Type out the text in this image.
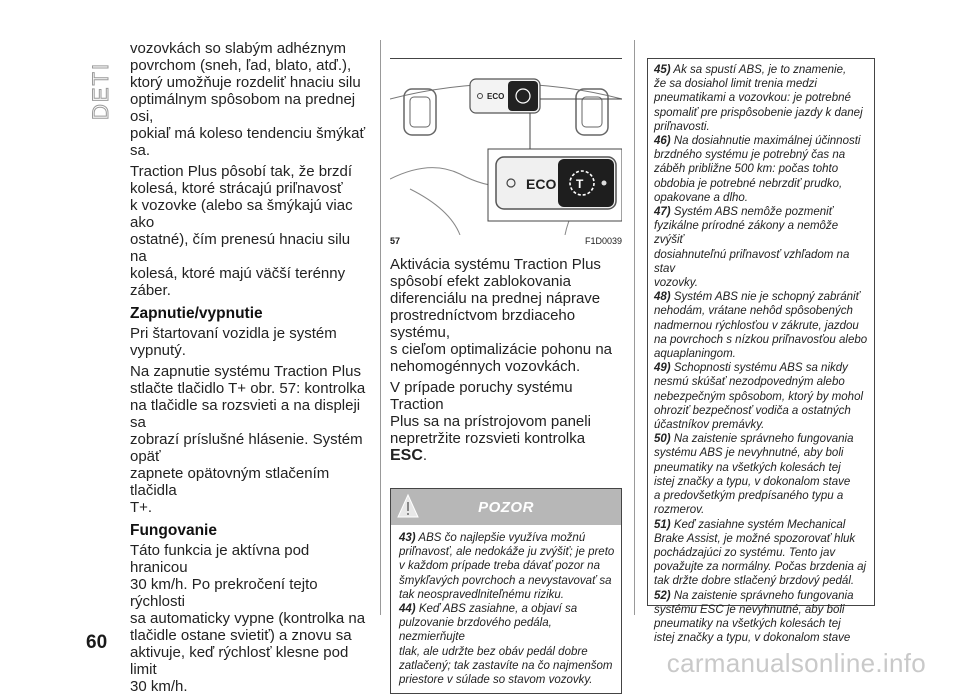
DETI

vozovkách so slabým adhéznym
povrchom (sneh, ľad, blato, atď.),
ktorý umožňuje rozdeliť hnaciu silu
optimálnym spôsobom na prednej osi,
pokiaľ má koleso tendenciu šmýkať sa.

Traction Plus pôsobí tak, že brzdí
kolesá, ktoré strácajú priľnavosť
k vozovke (alebo sa šmýkajú viac ako
ostatné), čím prenesú hnaciu silu na
kolesá, ktoré majú väčší terénny záber.

Zapnutie/vypnutie

Pri štartovaní vozidla je systém vypnutý.

Na zapnutie systému Traction Plus
stlačte tlačidlo T+ obr. 57: kontrolka
na tlačidle sa rozsvieti a na displeji sa
zobrazí príslušné hlásenie. Systém opäť
zapnete opätovným stlačením tlačidla
T+.

Fungovanie

Táto funkcia je aktívna pod hranicou
30 km/h. Po prekročení tejto rýchlosti
sa automaticky vypne (kontrolka na
tlačidle ostane svietiť) a znovu sa
aktivuje, keď rýchlosť klesne pod limit
30 km/h.

ECO
T
ECO
57	F1D0039

Aktivácia systému Traction Plus
spôsobí efekt zablokovania
diferenciálu na prednej náprave
prostredníctvom brzdiaceho systému,
s cieľom optimalizácie pohonu na
nehomogénnych vozovkách.

V prípade poruchy systému Traction
Plus sa na prístrojovom paneli
nepretržite rozsvieti kontrolka ESC.

POZOR

43) ABS čo najlepšie využíva možnú
priľnavosť, ale nedokáže ju zvýšiť; je preto
v každom prípade treba dávať pozor na
šmykľavých povrchoch a nevystavovať sa
tak neospravedlniteľnému riziku.

44) Keď ABS zasiahne, a objaví sa
pulzovanie brzdového pedála, nezmierňujte
tlak, ale udržte bez obáv pedál dobre
zatlačený; tak zastavíte na čo najmenšom
priestore v súlade so stavom vozovky.

45) Ak sa spustí ABS, je to znamenie,
že sa dosiahol limit trenia medzi
pneumatikami a vozovkou: je potrebné
spomaliť pre prispôsobenie jazdy k danej
priľnavosti.

46) Na dosiahnutie maximálnej účinnosti
brzdného systému je potrebný čas na
záběh približne 500 km: počas tohto
obdobia je potrebné nebrzdiť prudko,
opakovane a dlho.

47) Systém ABS nemôže pozmeniť
fyzikálne prírodné zákony a nemôže zvýšiť
dosiahnuteľnú priľnavosť vzhľadom na stav
vozovky.

48) Systém ABS nie je schopný zabrániť
nehodám, vrátane nehôd spôsobených
nadmernou rýchlosťou v zákrute, jazdou
na povrchoch s nízkou priľnavosťou alebo
aquaplaningom.

49) Schopnosti systému ABS sa nikdy
nesmú skúšať nezodpovedným alebo
nebezpečným spôsobom, ktorý by mohol
ohroziť bezpečnosť vodiča a ostatných
účastníkov premávky.

50) Na zaistenie správneho fungovania
systému ABS je nevyhnutné, aby boli
pneumatiky na všetkých kolesách tej
istej značky a typu, v dokonalom stave
a predovšetkým predpísaného typu a
rozmerov.

51) Keď zasiahne systém Mechanical
Brake Assist, je možné spozorovať hluk
pochádzajúci zo systému. Tento jav
považujte za normálny. Počas brzdenia aj
tak držte dobre stlačený brzdový pedál.

52) Na zaistenie správneho fungovania
systému ESC je nevyhnutné, aby boli
pneumatiky na všetkých kolesách tej
istej značky a typu, v dokonalom stave

60
carmanualsonline.info
